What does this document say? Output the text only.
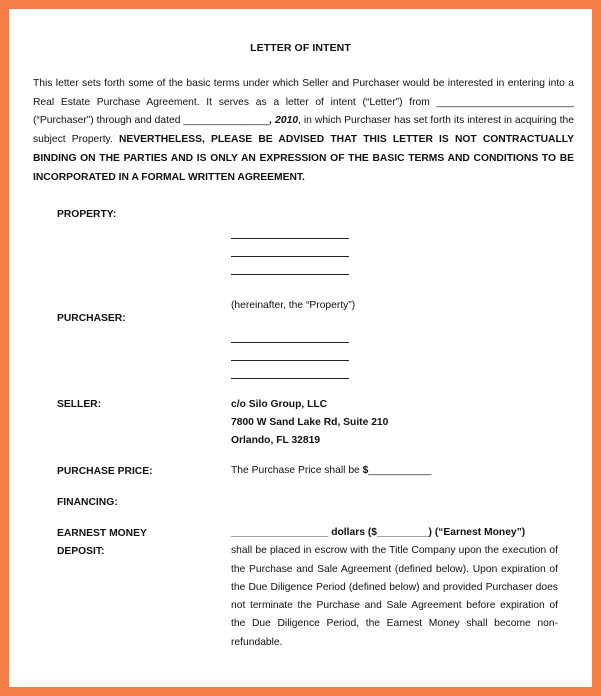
LETTER OF INTENT

This letter sets forth some of the basic terms under which Seller and Purchaser would be interested in entering into a Real Estate Purchase Agreement. It serves as a letter of intent (“Letter”) from ________________________ (“Purchaser”) through and dated _______________, 2010, in which Purchaser has set forth its interest in acquiring the subject Property. NEVERTHELESS, PLEASE BE ADVISED THAT THIS LETTER IS NOT CONTRACTUALLY BINDING ON THE PARTIES AND IS ONLY AN EXPRESSION OF THE BASIC TERMS AND CONDITIONS TO BE INCORPORATED IN A FORMAL WRITTEN AGREEMENT.

PROPERTY:
(hereinafter, the “Property”)
PURCHASER:
SELLER:	c/o Silo Group, LLC
7800 W Sand Lake Rd, Suite 210
Orlando, FL 32819
PURCHASE PRICE:	The Purchase Price shall be $___________
FINANCING:
EARNEST MONEY
DEPOSIT:

_________________ dollars ($_________) (“Earnest Money”)

shall be placed in escrow with the Title Company upon the execution of the Purchase and Sale Agreement (defined below). Upon expiration of the Due Diligence Period (defined below) and provided Purchaser does not terminate the Purchase and Sale Agreement before expiration of the Due Diligence Period, the Earnest Money shall become non-refundable.
